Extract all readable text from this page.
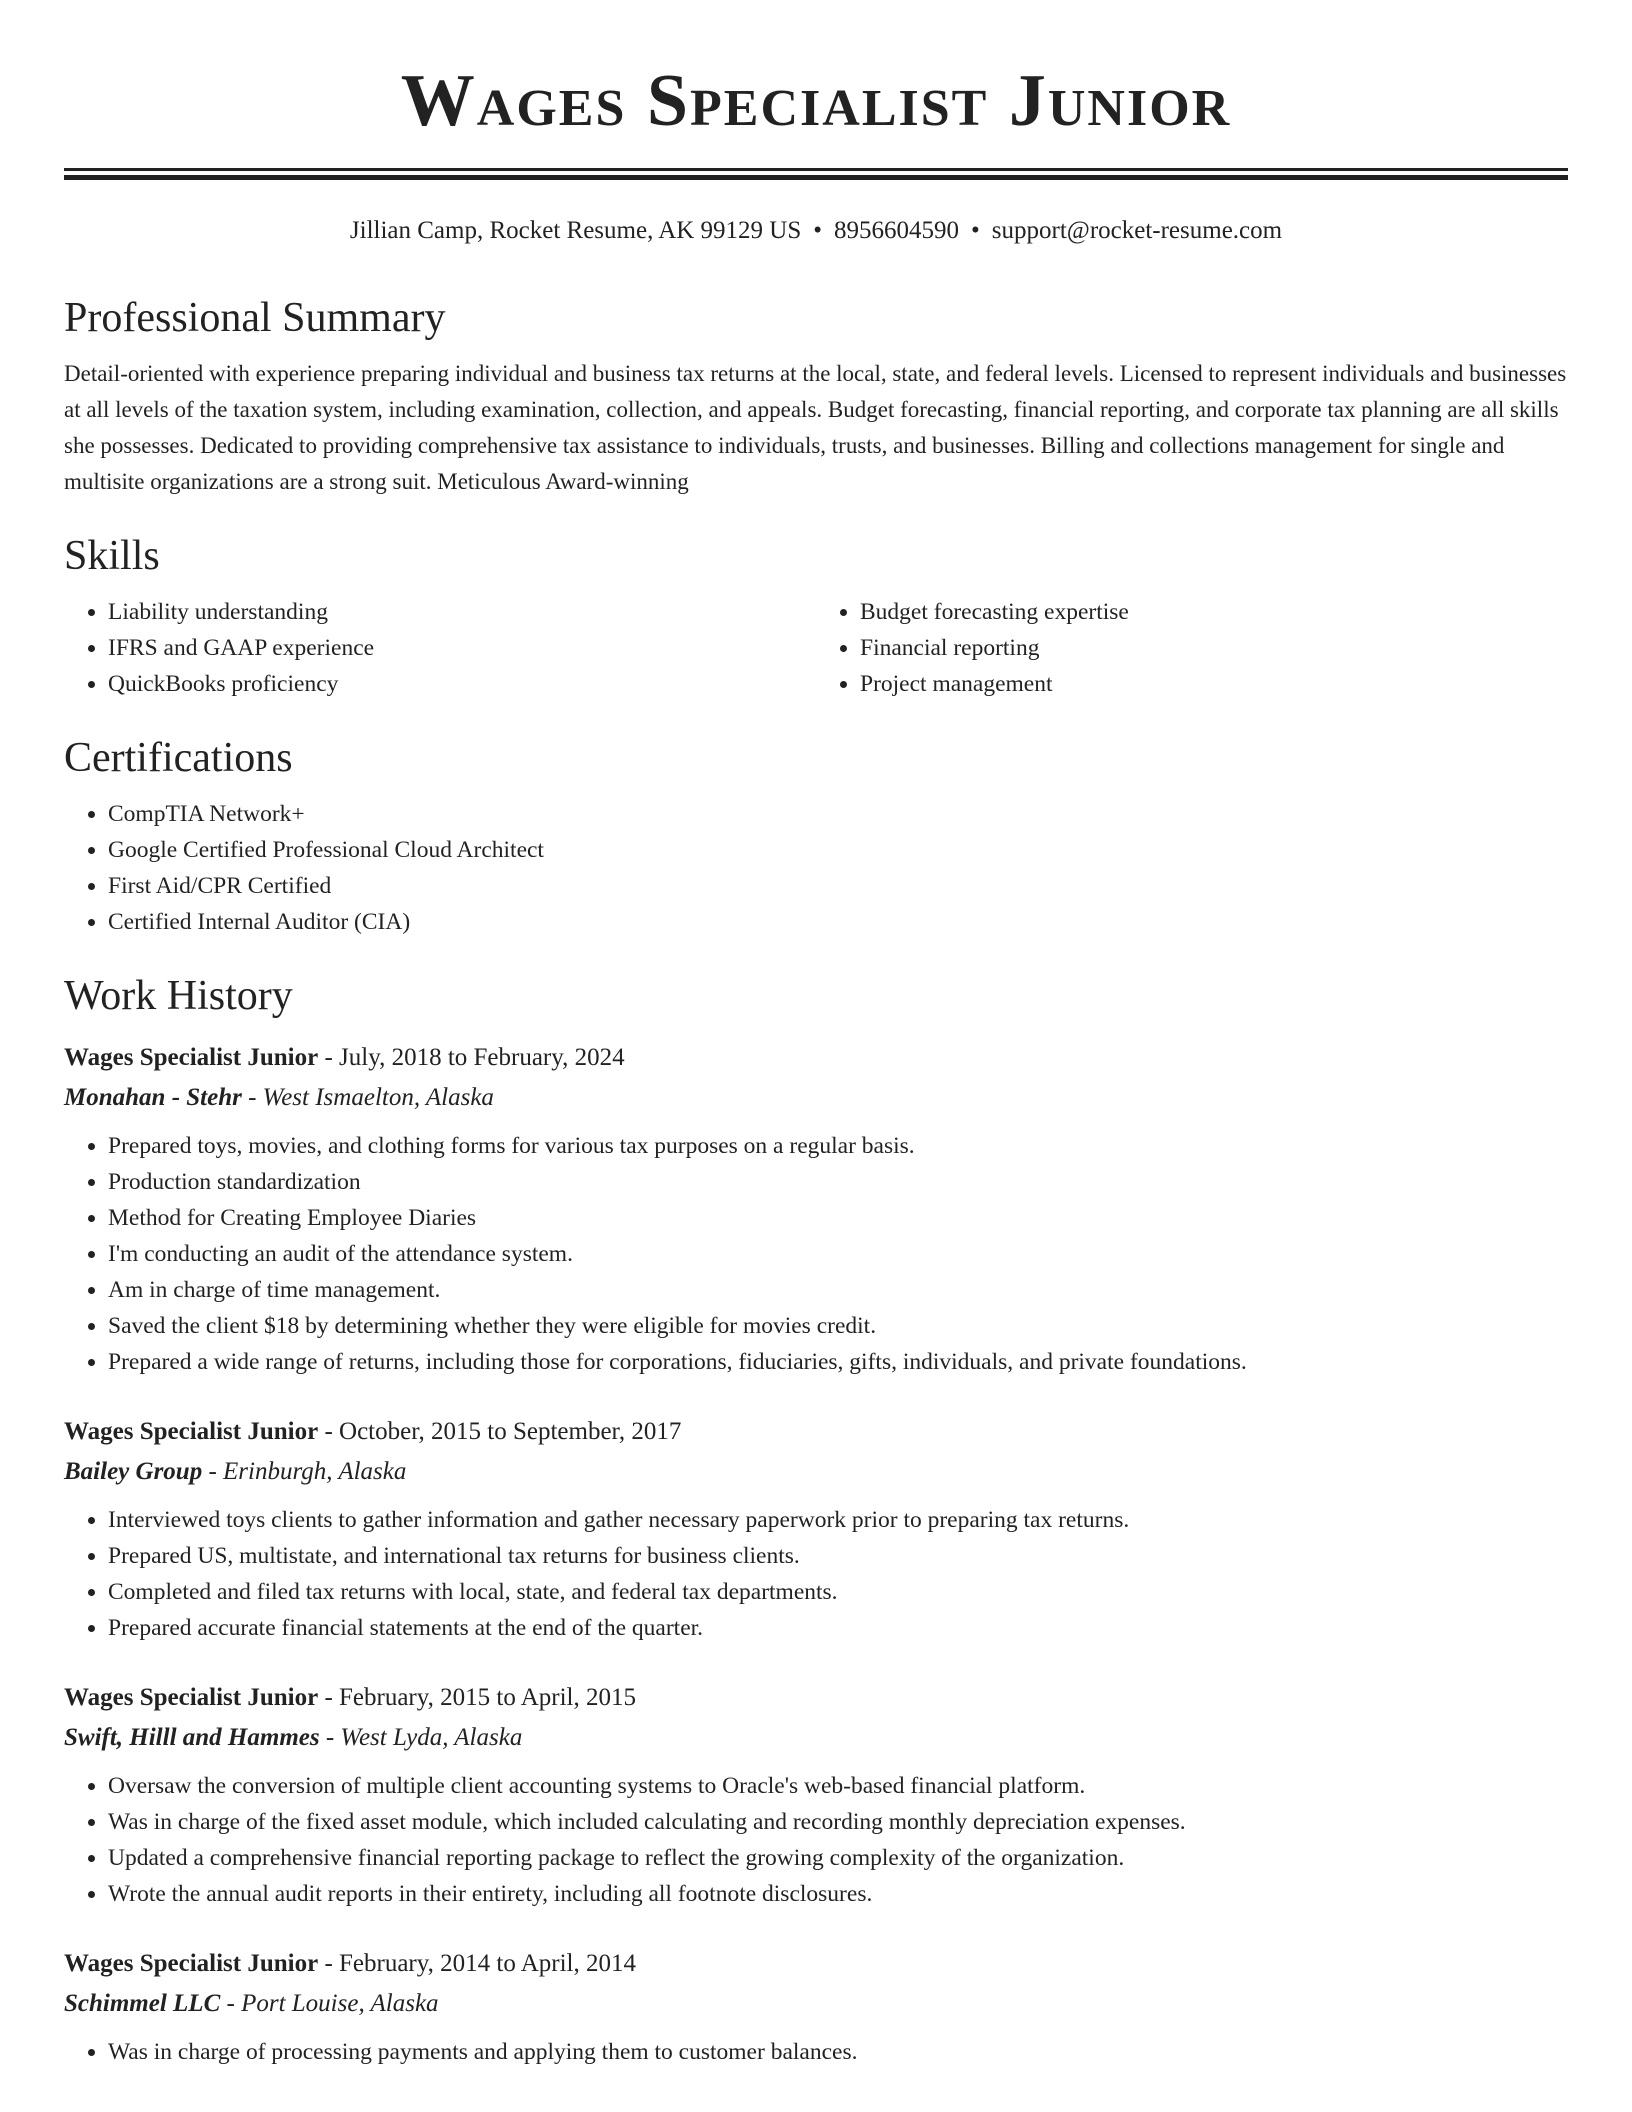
Wages Specialist Junior
Jillian Camp, Rocket Resume, AK 99129 US • 8956604590 • support@rocket-resume.com
Professional Summary

Detail-oriented with experience preparing individual and business tax returns at the local, state, and federal levels. Licensed to represent individuals and businesses at all levels of the taxation system, including examination, collection, and appeals. Budget forecasting, financial reporting, and corporate tax planning are all skills she possesses. Dedicated to providing comprehensive tax assistance to individuals, trusts, and businesses. Billing and collections management for single and multisite organizations are a strong suit. Meticulous Award-winning

Skills
• Liability understanding
• IFRS and GAAP experience
• QuickBooks proficiency
• Budget forecasting expertise
• Financial reporting
• Project management
Certifications
• CompTIA Network+
• Google Certified Professional Cloud Architect
• First Aid/CPR Certified
• Certified Internal Auditor (CIA)
Work History
Wages Specialist Junior - July, 2018 to February, 2024
Monahan - Stehr - West Ismaelton, Alaska
• Prepared toys, movies, and clothing forms for various tax purposes on a regular basis.
• Production standardization
• Method for Creating Employee Diaries
• I'm conducting an audit of the attendance system.
• Am in charge of time management.
• Saved the client $18 by determining whether they were eligible for movies credit.
• Prepared a wide range of returns, including those for corporations, fiduciaries, gifts, individuals, and private foundations.
Wages Specialist Junior - October, 2015 to September, 2017
Bailey Group - Erinburgh, Alaska
• Interviewed toys clients to gather information and gather necessary paperwork prior to preparing tax returns.
• Prepared US, multistate, and international tax returns for business clients.
• Completed and filed tax returns with local, state, and federal tax departments.
• Prepared accurate financial statements at the end of the quarter.
Wages Specialist Junior - February, 2015 to April, 2015
Swift, Hilll and Hammes - West Lyda, Alaska
• Oversaw the conversion of multiple client accounting systems to Oracle's web-based financial platform.
• Was in charge of the fixed asset module, which included calculating and recording monthly depreciation expenses.
• Updated a comprehensive financial reporting package to reflect the growing complexity of the organization.
• Wrote the annual audit reports in their entirety, including all footnote disclosures.
Wages Specialist Junior - February, 2014 to April, 2014
Schimmel LLC - Port Louise, Alaska
• Was in charge of processing payments and applying them to customer balances.
